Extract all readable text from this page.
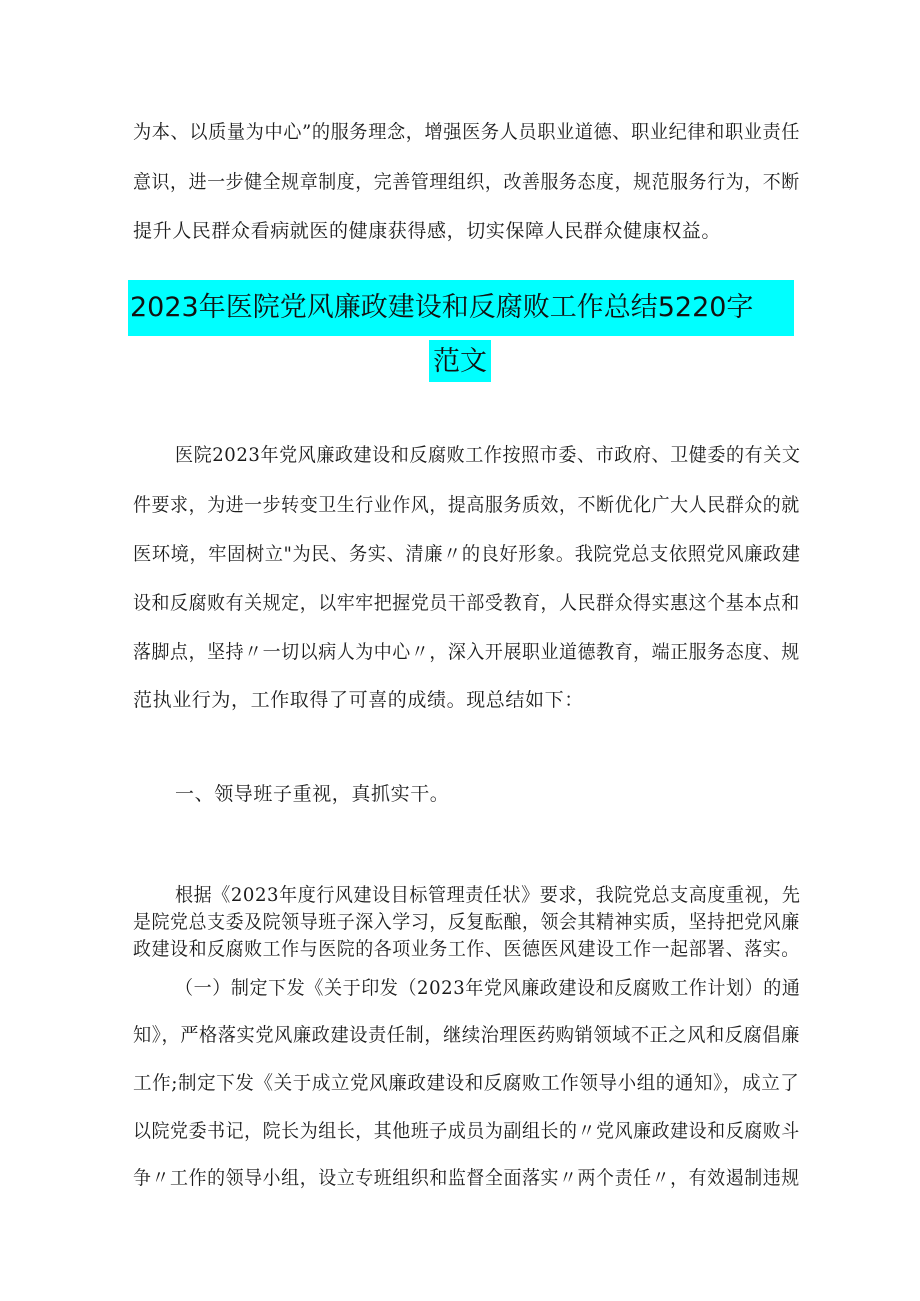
为本、以质量为中心”的服务理念，增强医务人员职业道德、职业纪律和职业责任
意识，进一步健全规章制度，完善管理组织，改善服务态度，规范服务行为，不断
提升人民群众看病就医的健康获得感，切实保障人民群众健康权益。
2023年医院党风廉政建设和反腐败工作总结5220字
范文
医院2023年党风廉政建设和反腐败工作按照市委、市政府、卫健委的有关文
件要求，为进一步转变卫生行业作风，提高服务质效，不断优化广大人民群众的就
医环境，牢固树立"为民、务实、清廉〃的良好形象。我院党总支依照党风廉政建
设和反腐败有关规定，以牢牢把握党员干部受教育，人民群众得实惠这个基本点和
落脚点，坚持〃一切以病人为中心〃，深入开展职业道德教育，端正服务态度、规
范执业行为，工作取得了可喜的成绩。现总结如下：
一、领导班子重视，真抓实干。
根据《2023年度行风建设目标管理责任状》要求，我院党总支高度重视，先
是院党总支委及院领导班子深入学习，反复酝酿，领会其精神实质，坚持把党风廉
政建设和反腐败工作与医院的各项业务工作、医德医风建设工作一起部署、落实。
（一）制定下发《关于印发（2023年党风廉政建设和反腐败工作计划）的通
知》，严格落实党风廉政建设责任制，继续治理医药购销领域不正之风和反腐倡廉
工作;制定下发《关于成立党风廉政建设和反腐败工作领导小组的通知》，成立了
以院党委书记，院长为组长，其他班子成员为副组长的〃党风廉政建设和反腐败斗
争〃工作的领导小组，设立专班组织和监督全面落实〃两个责任〃，有效遏制违规
